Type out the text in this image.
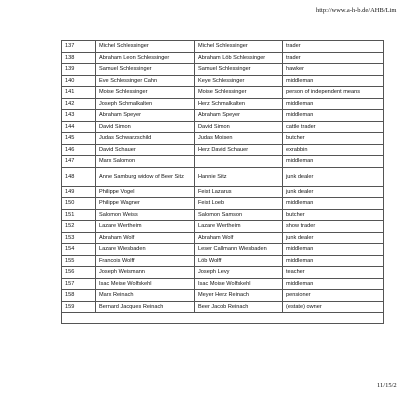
http://www.a-h-b.de/AHB/Lim
137	Michel Schlessinger	Michel Schlessinger	trader
138	Abraham Leon Schlessinger	Abraham Löb Schlessinger	trader
139	Samuel Schlessinger	Samuel Schlessinger	hawker
140	Eve Schlessinger Cahn	Keye Schlessinger	middleman
141	Moise Schlessinger	Moise Schlessinger	person of independent means
142	Joseph Schmalkalten	Herz Schmalkalten	middleman
143	Abraham Speyer	Abraham Speyer	middleman
144	David Simon	David Simon	cattle trader
145	Judas Schwarzschild	Judas Moisen	butcher
146	David Schauer	Herz David Schauer	exrabbin
147	Marx Salomon		middleman
148	Anne Samburg widow of Beer Sitz	Hannie Sitz	junk dealer
149	Philippe Vogel	Feist Lazarus	junk dealer
150	Philippe Wagner	Feist Loeb	middleman
151	Salomon Weiss	Salomon Samson	butcher
152	Lazare Wertheim	Lazare Wertheim	show trader
153	Abraham Wolf	Abraham Wolf	junk dealer
154	Lazare Wiesbaden	Leser Callmann Wiesbaden	middleman
155	Francois Wolff	Löb Wolff	middleman
156	Joseph Weismann	Joseph Levy	teacher
157	Isac Meise Wolfskehl	Isac Moise Wolfskehl	middleman
158	Marx Reinach	Meyer Herz Reinach	pensioner
159	Bernard Jacques Reinach	Beer Jacob Reinach	(estate) owner
11/15/2
